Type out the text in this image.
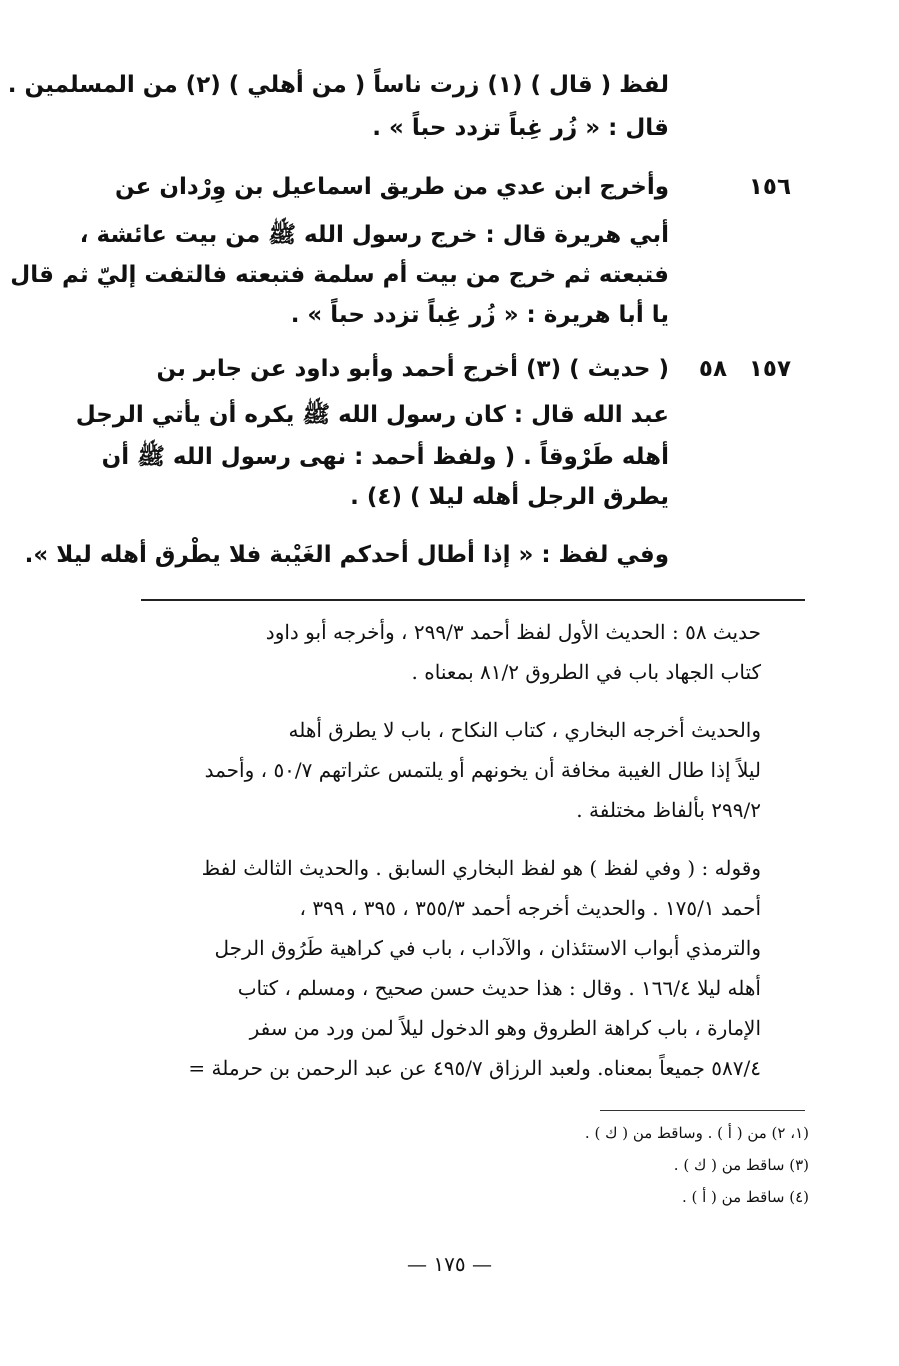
لفظ ( قال ) (١) زرت ناساً ( من أهلي ) (٢) من المسلمين .
قال : « زُر غِباً تزدد حباً » .
١٥٦
وأخرج ابن عدي من طريق اسماعيل بن وِرْدان عن
أبي هريرة قال : خرج رسول الله ﷺ من بيت عائشة ،
فتبعته ثم خرج من بيت أم سلمة فتبعته فالتفت إليّ ثم قال
يا أبا هريرة : « زُر غِباً تزدد حباً » .
١٥٧
٥٨
( حديث ) (٣) أخرج أحمد وأبو داود عن جابر بن
عبد الله قال : كان رسول الله ﷺ يكره أن يأتي الرجل
أهله طَرْوقاً . ( ولفظ أحمد : نهى رسول الله ﷺ أن
يطرق الرجل أهله ليلا ) (٤) .
وفي لفظ : « إذا أطال أحدكم الغَيْبة فلا يطْرق أهله ليلا ».
حديث ٥٨ : الحديث الأول لفظ أحمد ٢٩٩/٣ ، وأخرجه أبو داود
كتاب الجهاد باب في الطروق ٨١/٢ بمعناه .
والحديث أخرجه البخاري ، كتاب النكاح ، باب لا يطرق أهله
ليلاً إذا طال الغيبة مخافة أن يخونهم أو يلتمس عثراتهم ٥٠/٧ ، وأحمد
٢٩٩/٢ بألفاظ مختلفة .
وقوله : ( وفي لفظ ) هو لفظ البخاري السابق . والحديث الثالث لفظ
أحمد ١٧٥/١ . والحديث أخرجه أحمد ٣٥٥/٣ ، ٣٩٥ ، ٣٩٩ ،
والترمذي أبواب الاستئذان ، والآداب ، باب في كراهية طَرُوق الرجل
أهله ليلا ١٦٦/٤ . وقال : هذا حديث حسن صحيح ، ومسلم ، كتاب
الإمارة ، باب كراهة الطروق وهو الدخول ليلاً لمن ورد من سفر
٥٨٧/٤ جميعاً بمعناه. ولعبد الرزاق ٤٩٥/٧ عن عبد الرحمن بن حرملة =
(١، ٢) من ( أ ) . وساقط من ( ك ) .
(٣) ساقط من ( ك ) .
(٤) ساقط من ( أ ) .
— ١٧٥ —
